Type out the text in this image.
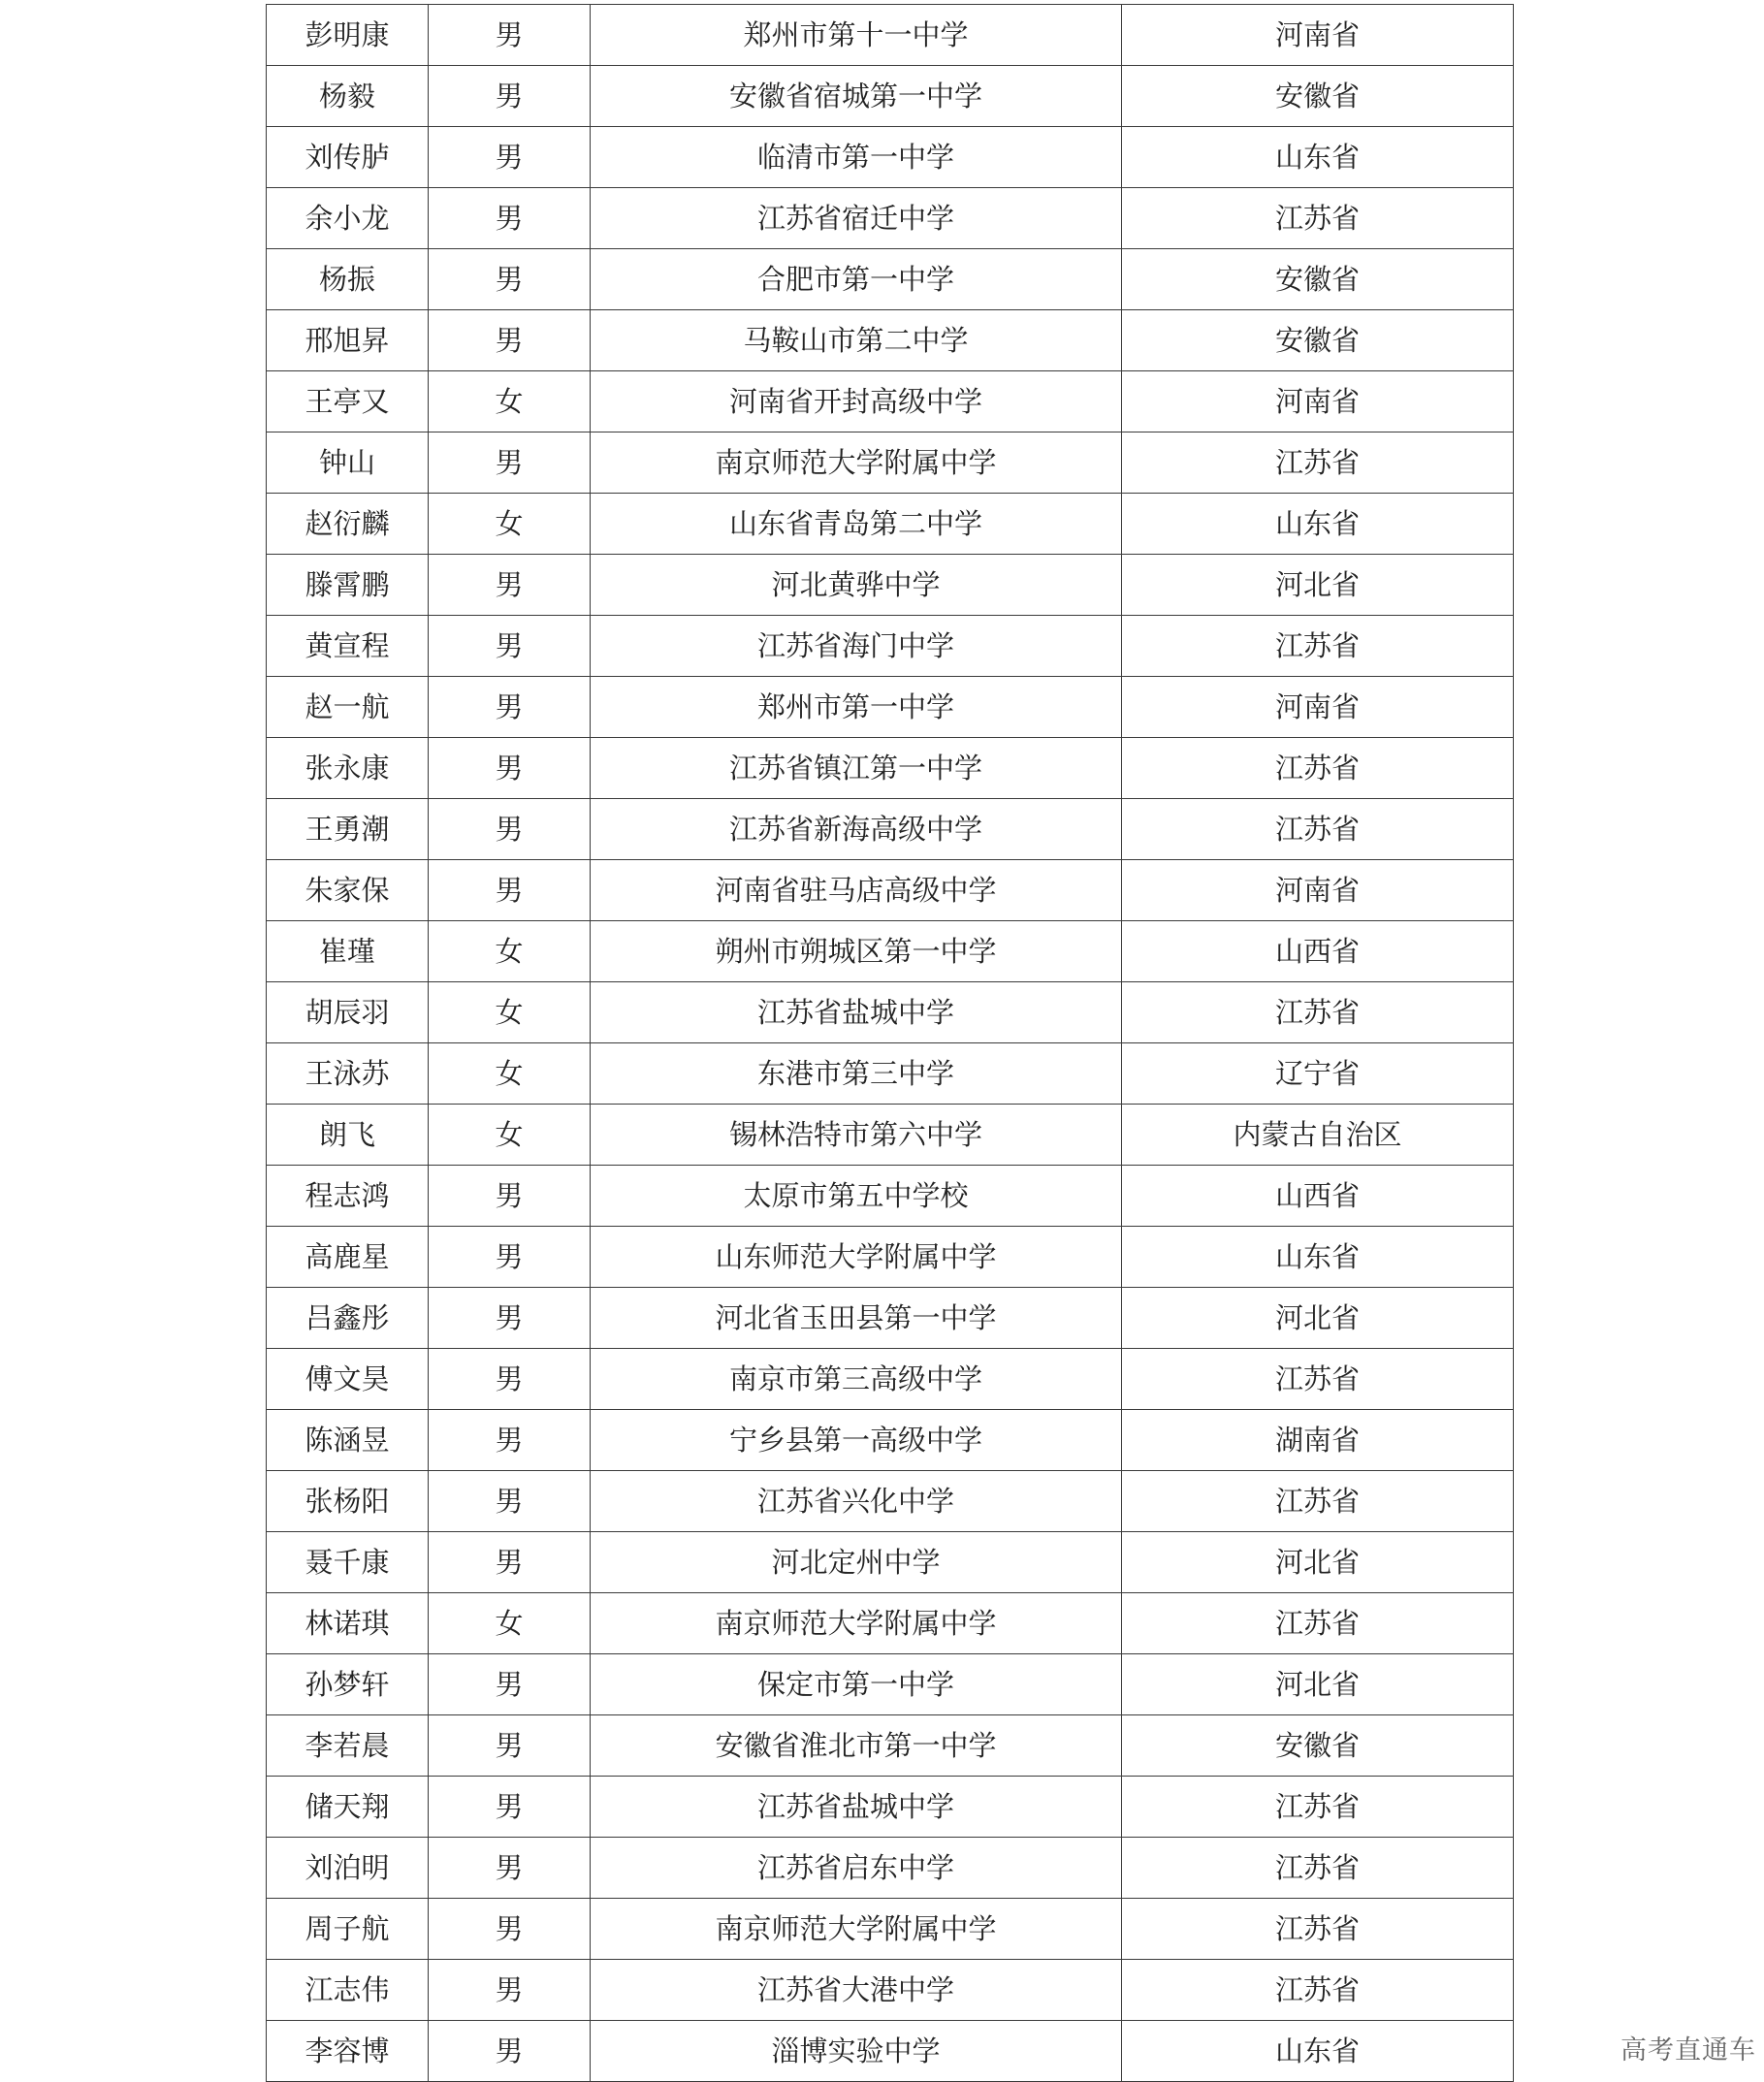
彭明康	男	郑州市第十一中学	河南省
杨毅	男	安徽省宿城第一中学	安徽省
刘传胪	男	临清市第一中学	山东省
余小龙	男	江苏省宿迁中学	江苏省
杨振	男	合肥市第一中学	安徽省
邢旭昇	男	马鞍山市第二中学	安徽省
王亭又	女	河南省开封高级中学	河南省
钟山	男	南京师范大学附属中学	江苏省
赵衍麟	女	山东省青岛第二中学	山东省
滕霄鹏	男	河北黄骅中学	河北省
黄宣程	男	江苏省海门中学	江苏省
赵一航	男	郑州市第一中学	河南省
张永康	男	江苏省镇江第一中学	江苏省
王勇潮	男	江苏省新海高级中学	江苏省
朱家保	男	河南省驻马店高级中学	河南省
崔瑾	女	朔州市朔城区第一中学	山西省
胡辰羽	女	江苏省盐城中学	江苏省
王泳苏	女	东港市第三中学	辽宁省
朗飞	女	锡林浩特市第六中学	内蒙古自治区
程志鸿	男	太原市第五中学校	山西省
高鹿星	男	山东师范大学附属中学	山东省
吕鑫彤	男	河北省玉田县第一中学	河北省
傅文昊	男	南京市第三高级中学	江苏省
陈涵昱	男	宁乡县第一高级中学	湖南省
张杨阳	男	江苏省兴化中学	江苏省
聂千康	男	河北定州中学	河北省
林诺琪	女	南京师范大学附属中学	江苏省
孙梦轩	男	保定市第一中学	河北省
李若晨	男	安徽省淮北市第一中学	安徽省
储天翔	男	江苏省盐城中学	江苏省
刘泊明	男	江苏省启东中学	江苏省
周子航	男	南京师范大学附属中学	江苏省
江志伟	男	江苏省大港中学	江苏省
李容博	男	淄博实验中学	山东省	高考直通车
